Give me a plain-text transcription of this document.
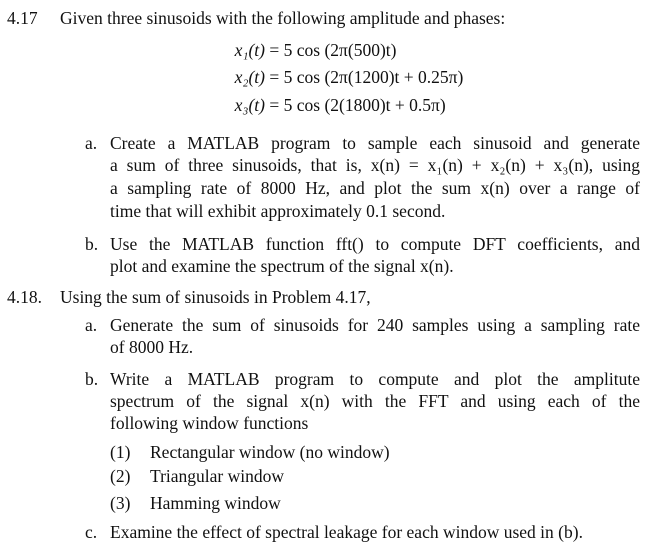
4.17 Given three sinusoids with the following amplitude and phases:
x₁(t) = 5 cos (2π(500)t)
x₂(t) = 5 cos (2π(1200)t + 0.25π)
x₃(t) = 5 cos (2(1800)t + 0.5π)
a. Create a MATLAB program to sample each sinusoid and generate
a sum of three sinusoids, that is, x(n) = x₁(n) + x₂(n) + x₃(n), using
a sampling rate of 8000 Hz, and plot the sum x(n) over a range of
time that will exhibit approximately 0.1 second.
b. Use the MATLAB function fft() to compute DFT coefficients, and
plot and examine the spectrum of the signal x(n).
4.18. Using the sum of sinusoids in Problem 4.17,
a. Generate the sum of sinusoids for 240 samples using a sampling rate
of 8000 Hz.
b. Write a MATLAB program to compute and plot the amplitute
spectrum of the signal x(n) with the FFT and using each of the
following window functions
(1) Rectangular window (no window)
(2) Triangular window
(3) Hamming window
c. Examine the effect of spectral leakage for each window used in (b).
